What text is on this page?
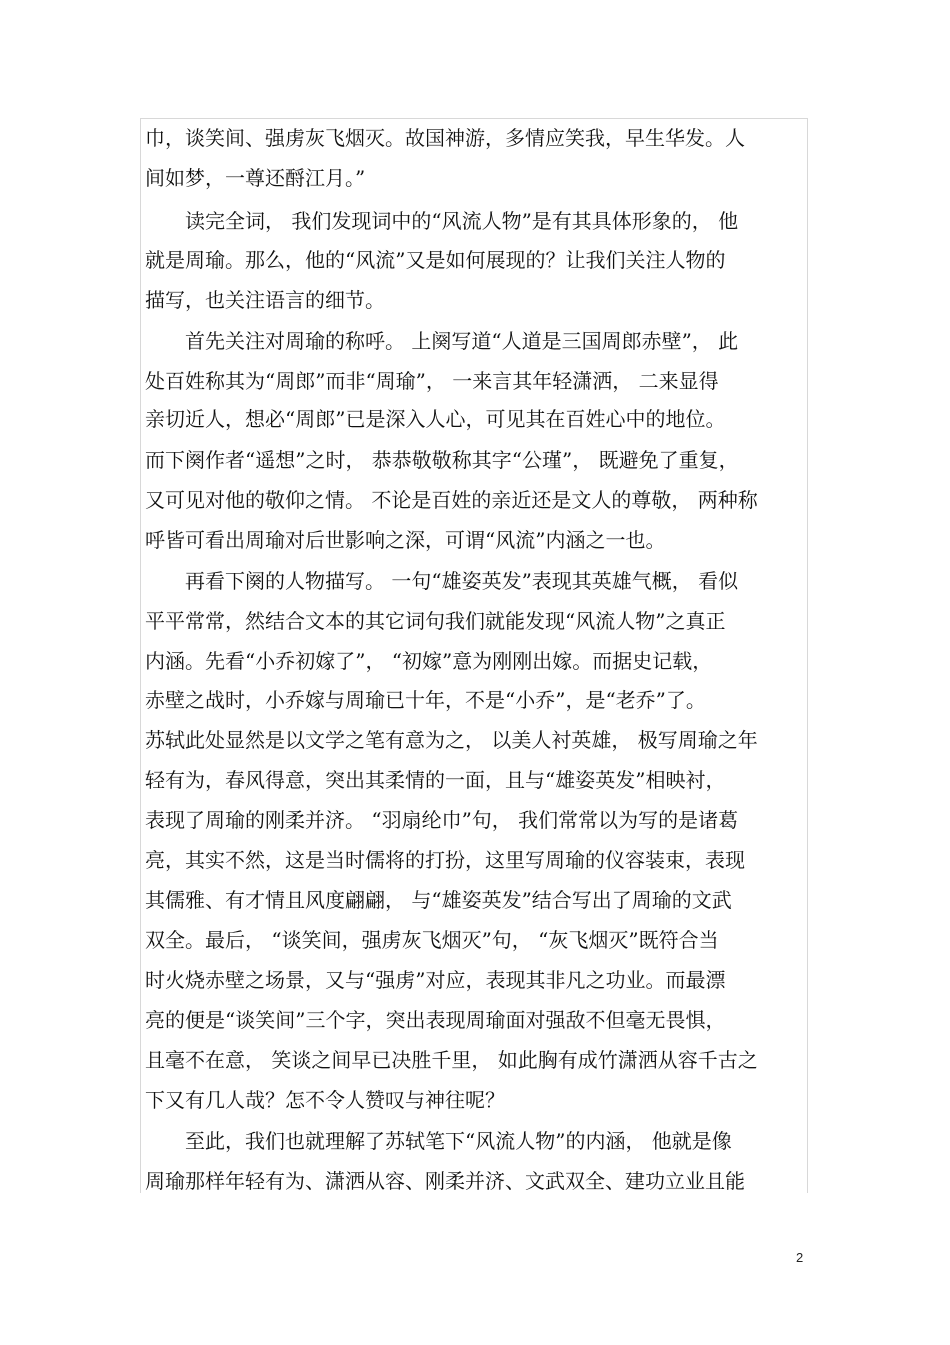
巾，谈笑间、强虏灰飞烟灭。故国神游，多情应笑我，早生华发。人
间如梦，一尊还酹江月。”
　　读完全词， 我们发现词中的“风流人物”是有其具体形象的， 他
就是周瑜。那么，他的“风流”又是如何展现的？让我们关注人物的
描写，也关注语言的细节。
　　首先关注对周瑜的称呼。 上阕写道“人道是三国周郎赤壁”， 此
处百姓称其为“周郎”而非“周瑜”， 一来言其年轻潇洒， 二来显得
亲切近人，想必“周郎”已是深入人心，可见其在百姓心中的地位。
而下阕作者“遥想”之时， 恭恭敬敬称其字“公瑾”， 既避免了重复，
又可见对他的敬仰之情。 不论是百姓的亲近还是文人的尊敬， 两种称
呼皆可看出周瑜对后世影响之深，可谓“风流”内涵之一也。
　　再看下阕的人物描写。 一句“雄姿英发”表现其英雄气概， 看似
平平常常，然结合文本的其它词句我们就能发现“风流人物”之真正
内涵。先看“小乔初嫁了”， “初嫁”意为刚刚出嫁。而据史记载，
赤壁之战时，小乔嫁与周瑜已十年，不是“小乔”，是“老乔”了。
苏轼此处显然是以文学之笔有意为之， 以美人衬英雄， 极写周瑜之年
轻有为，春风得意，突出其柔情的一面，且与“雄姿英发”相映衬，
表现了周瑜的刚柔并济。 “羽扇纶巾”句， 我们常常以为写的是诸葛
亮，其实不然，这是当时儒将的打扮，这里写周瑜的仪容装束，表现
其儒雅、有才情且风度翩翩， 与“雄姿英发”结合写出了周瑜的文武
双全。最后， “谈笑间，强虏灰飞烟灭”句， “灰飞烟灭”既符合当
时火烧赤壁之场景，又与“强虏”对应，表现其非凡之功业。而最漂
亮的便是“谈笑间”三个字，突出表现周瑜面对强敌不但毫无畏惧，
且毫不在意， 笑谈之间早已决胜千里， 如此胸有成竹潇洒从容千古之
下又有几人哉？怎不令人赞叹与神往呢？
　　至此，我们也就理解了苏轼笔下“风流人物”的内涵， 他就是像
周瑜那样年轻有为、潇洒从容、刚柔并济、文武双全、建功立业且能
2
